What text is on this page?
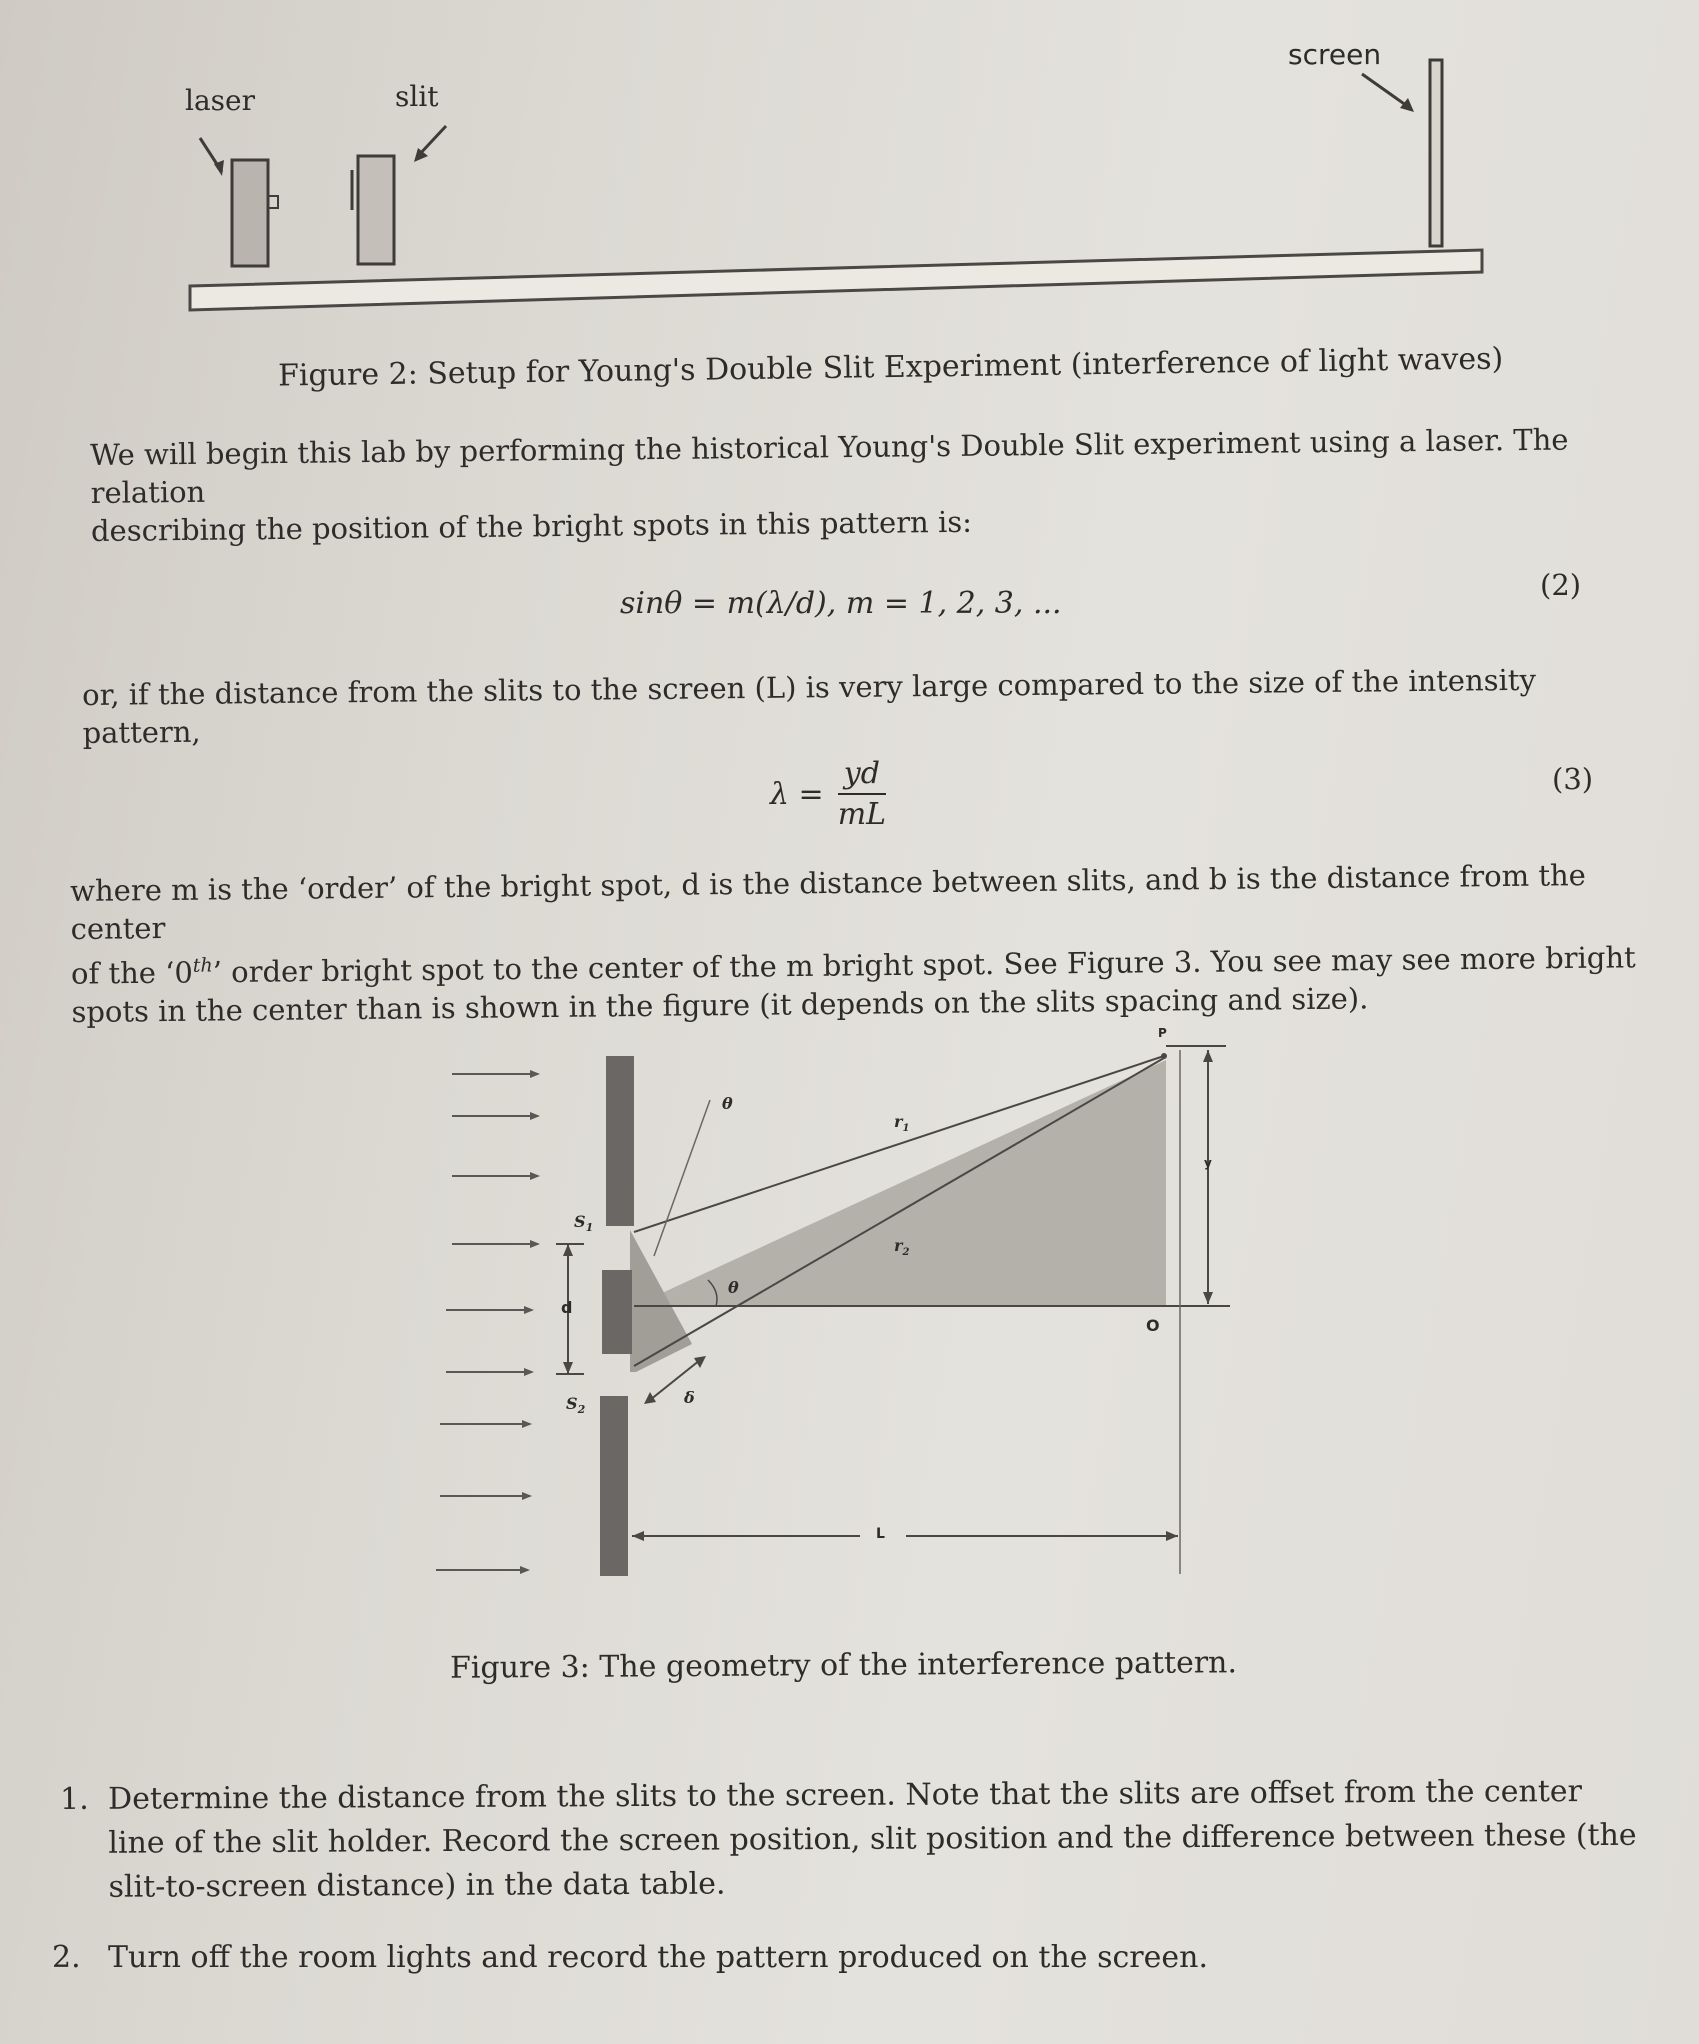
laser	slit
screen
Figure 2: Setup for Young's Double Slit Experiment (interference of light waves)
We will begin this lab by performing the historical Young's Double Slit experiment using a laser. The relation
describing the position of the bright spots in this pattern is:
sinθ = m(λ/d), m = 1, 2, 3, ...
(2)
or, if the distance from the slits to the screen (L) is very large compared to the size of the intensity pattern,
$\lambda = \frac{yd}{mL}$	(3)
where m is the ‘order’ of the bright spot, d is the distance between slits, and b is the distance from the center
of the ‘0th’ order bright spot to the center of the m bright spot. See Figure 3. You see may see more bright
spots in the center than is shown in the figure (it depends on the slits spacing and size).
$S_1$
$S_2$
d
θ
θ
$r_1$
$r_2$
δ
P
O
y
L
Figure 3: The geometry of the interference pattern.
1. Determine the distance from the slits to the screen. Note that the slits are offset from the center
line of the slit holder. Record the screen position, slit position and the difference between these (the
slit-to-screen distance) in the data table.
2. Turn off the room lights and record the pattern produced on the screen.
